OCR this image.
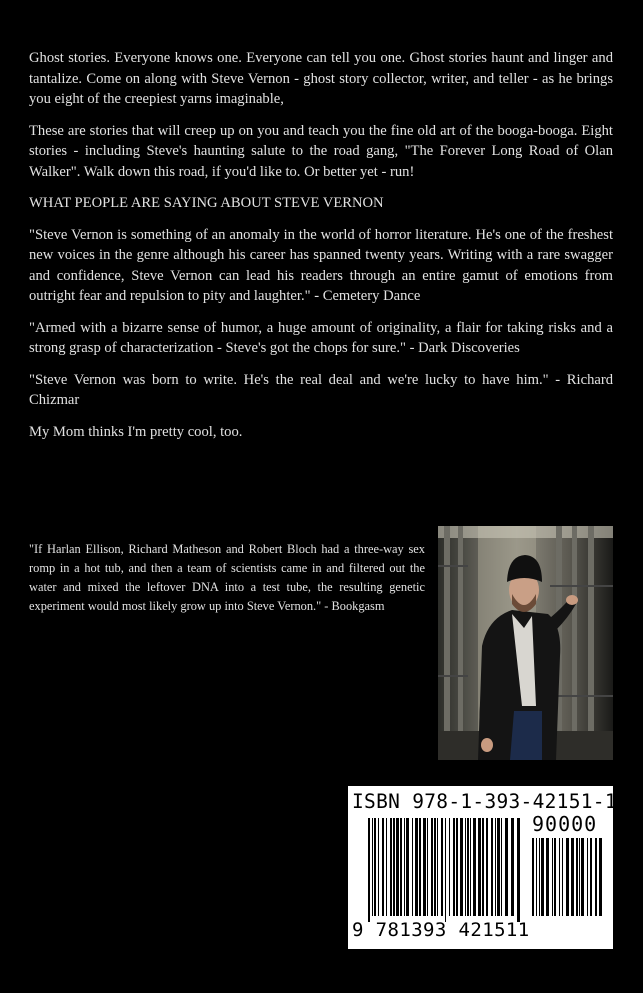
Ghost stories. Everyone knows one. Everyone can tell you one. Ghost stories haunt and linger and tantalize. Come on along with Steve Vernon - ghost story collector, writer, and teller - as he brings you eight of the creepiest yarns imaginable,

These are stories that will creep up on you and teach you the fine old art of the booga-booga. Eight stories - including Steve's haunting salute to the road gang, "The Forever Long Road of Olan Walker". Walk down this road, if you'd like to. Or better yet - run!

WHAT PEOPLE ARE SAYING ABOUT STEVE VERNON

"Steve Vernon is something of an anomaly in the world of horror literature. He's one of the freshest new voices in the genre although his career has spanned twenty years. Writing with a rare swagger and confidence, Steve Vernon can lead his readers through an entire gamut of emotions from outright fear and repulsion to pity and laughter." - Cemetery Dance

"Armed with a bizarre sense of humor, a huge amount of originality, a flair for taking risks and a strong grasp of characterization - Steve's got the chops for sure." - Dark Discoveries

"Steve Vernon was born to write. He's the real deal and we're lucky to have him." - Richard Chizmar

My Mom thinks I'm pretty cool, too.

"If Harlan Ellison, Richard Matheson and Robert Bloch had a three-way sex romp in a hot tub, and then a team of scientists came in and filtered out the water and mixed the leftover DNA into a test tube, the resulting genetic experiment would most likely grow up into Steve Vernon." - Bookgasm
ISBN 978-1-393-42151-1
90000
9 781393 421511
